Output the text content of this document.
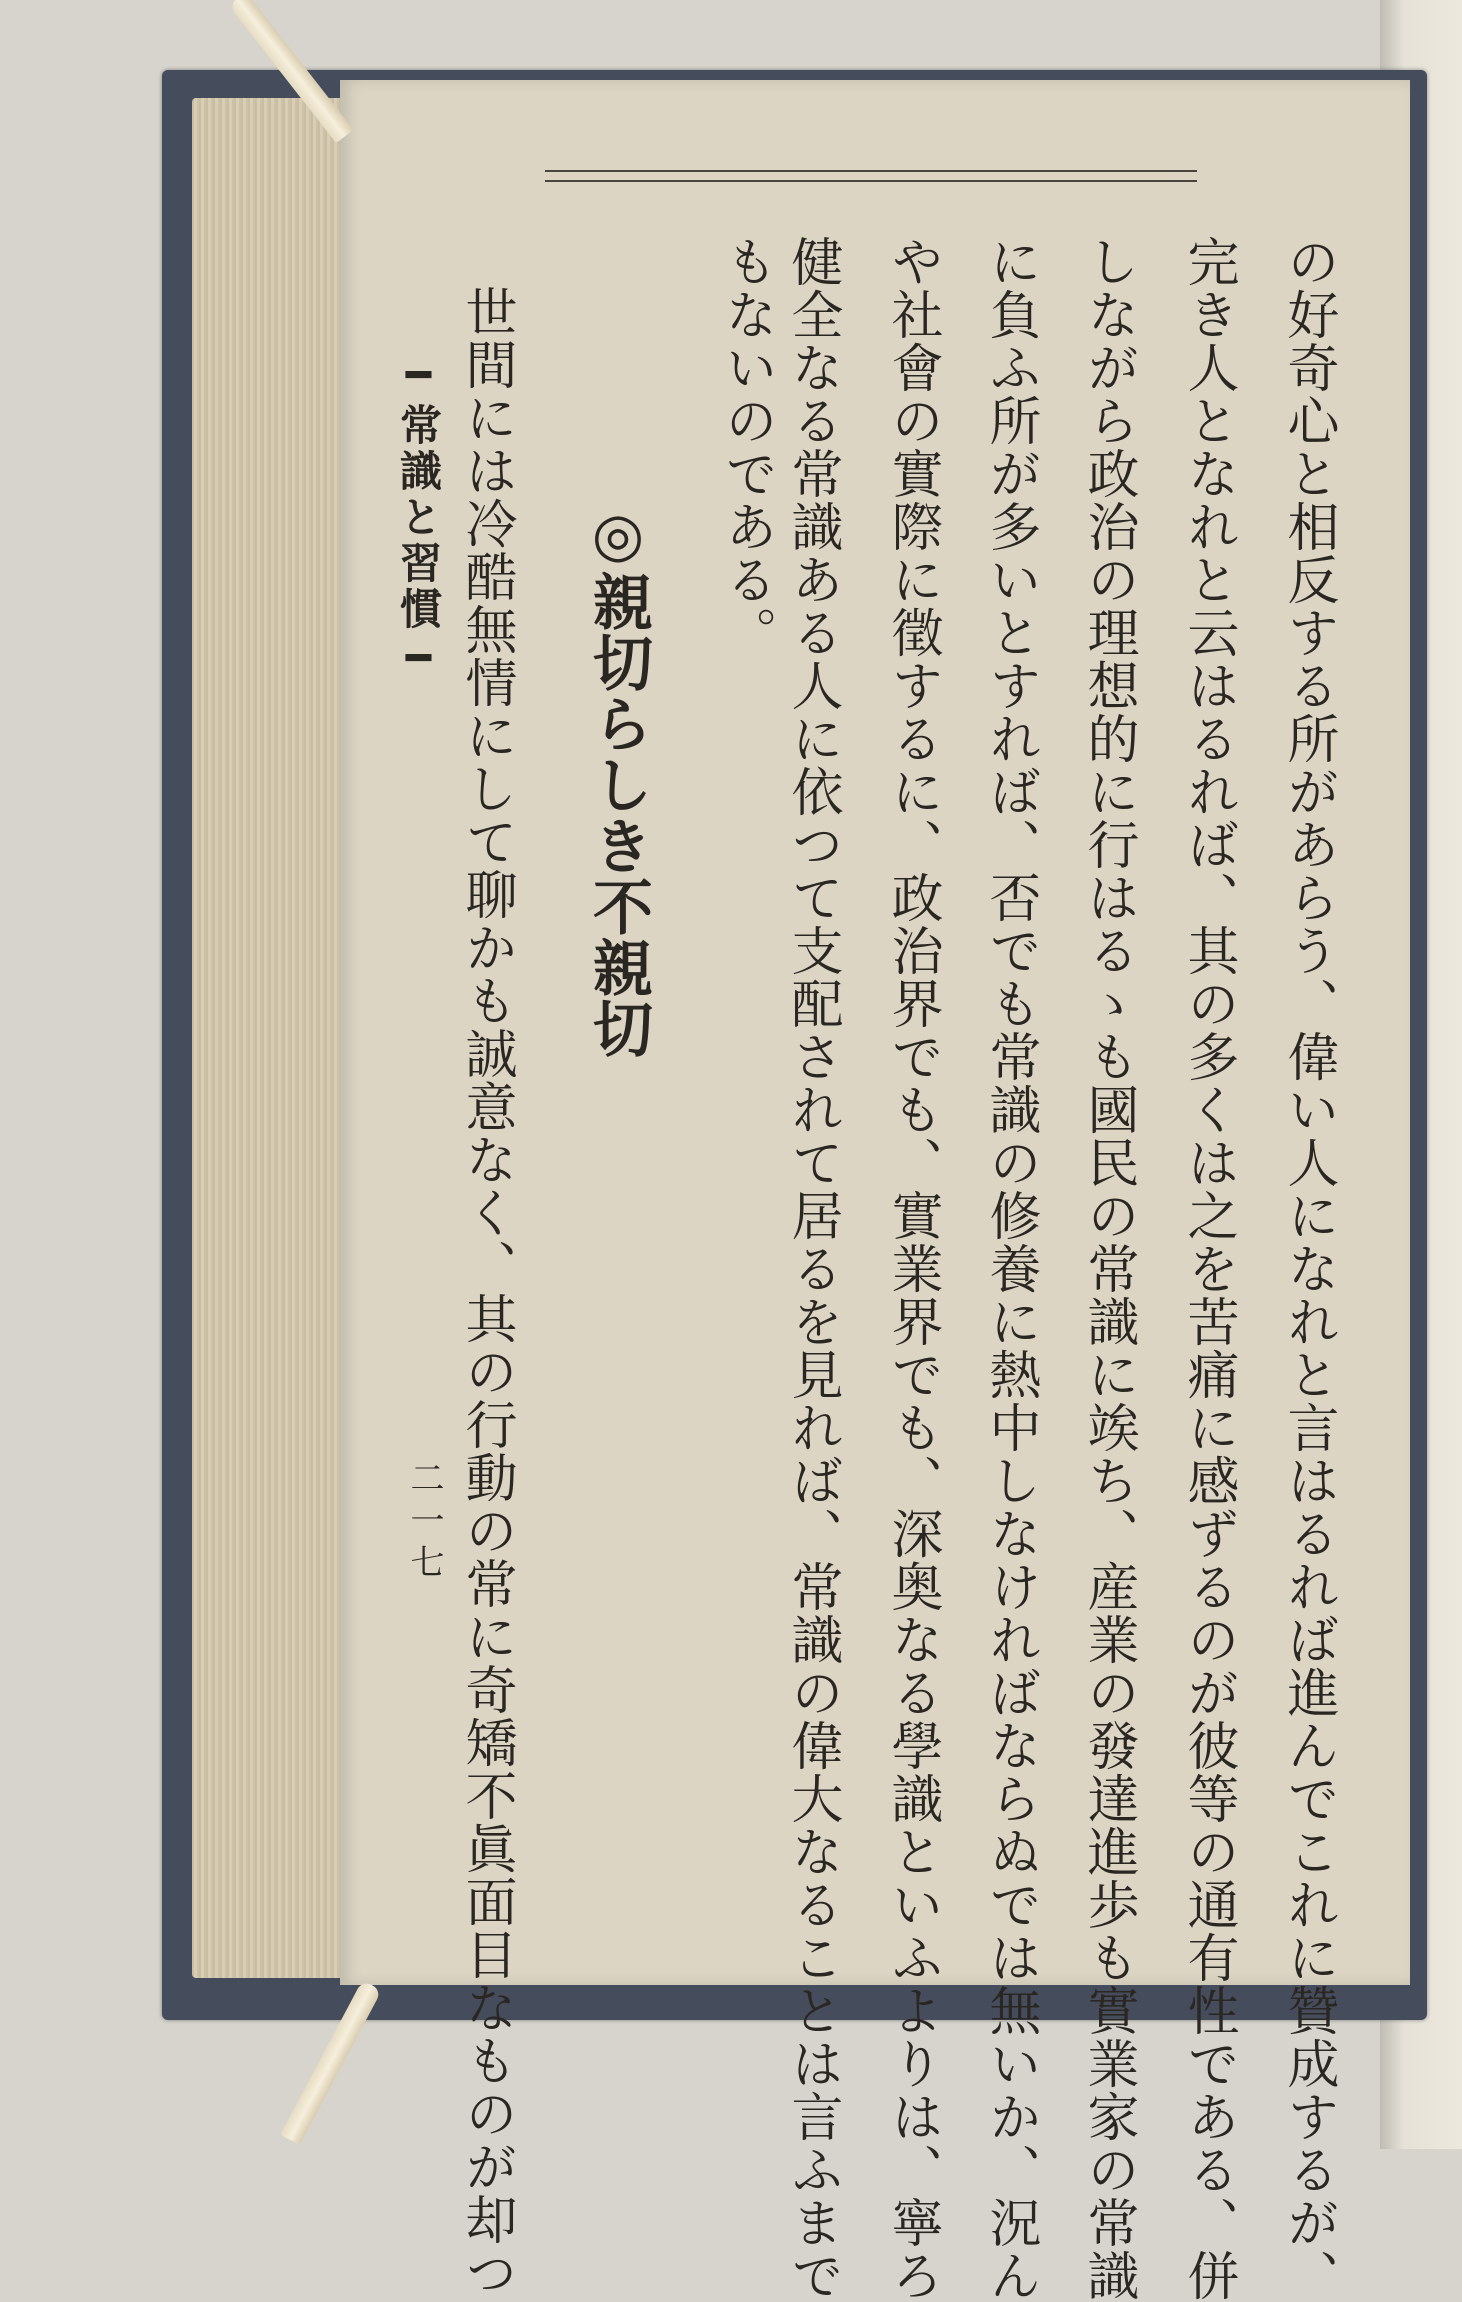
の好奇心と相反する所があらう、偉い人になれと言はるれば進んでこれに贊成するが、
完き人となれと云はるれば、其の多くは之を苦痛に感ずるのが彼等の通有性である、併
しながら政治の理想的に行はるゝも國民の常識に竢ち、産業の發達進歩も實業家の常識
に負ふ所が多いとすれば、否でも常識の修養に熱中しなければならぬでは無いか、況ん
や社會の實際に徵するに、政治界でも、實業界でも、深奥なる學識といふよりは、寧ろ
健全なる常識ある人に依つて支配されて居るを見れば、常識の偉大なることは言ふまで
もないのである。
◎親切らしき不親切
世間には冷酷無情にして聊かも誠意なく、其の行動の常に奇矯不眞面目なものが却つ
━常識と習慣━
二一七
